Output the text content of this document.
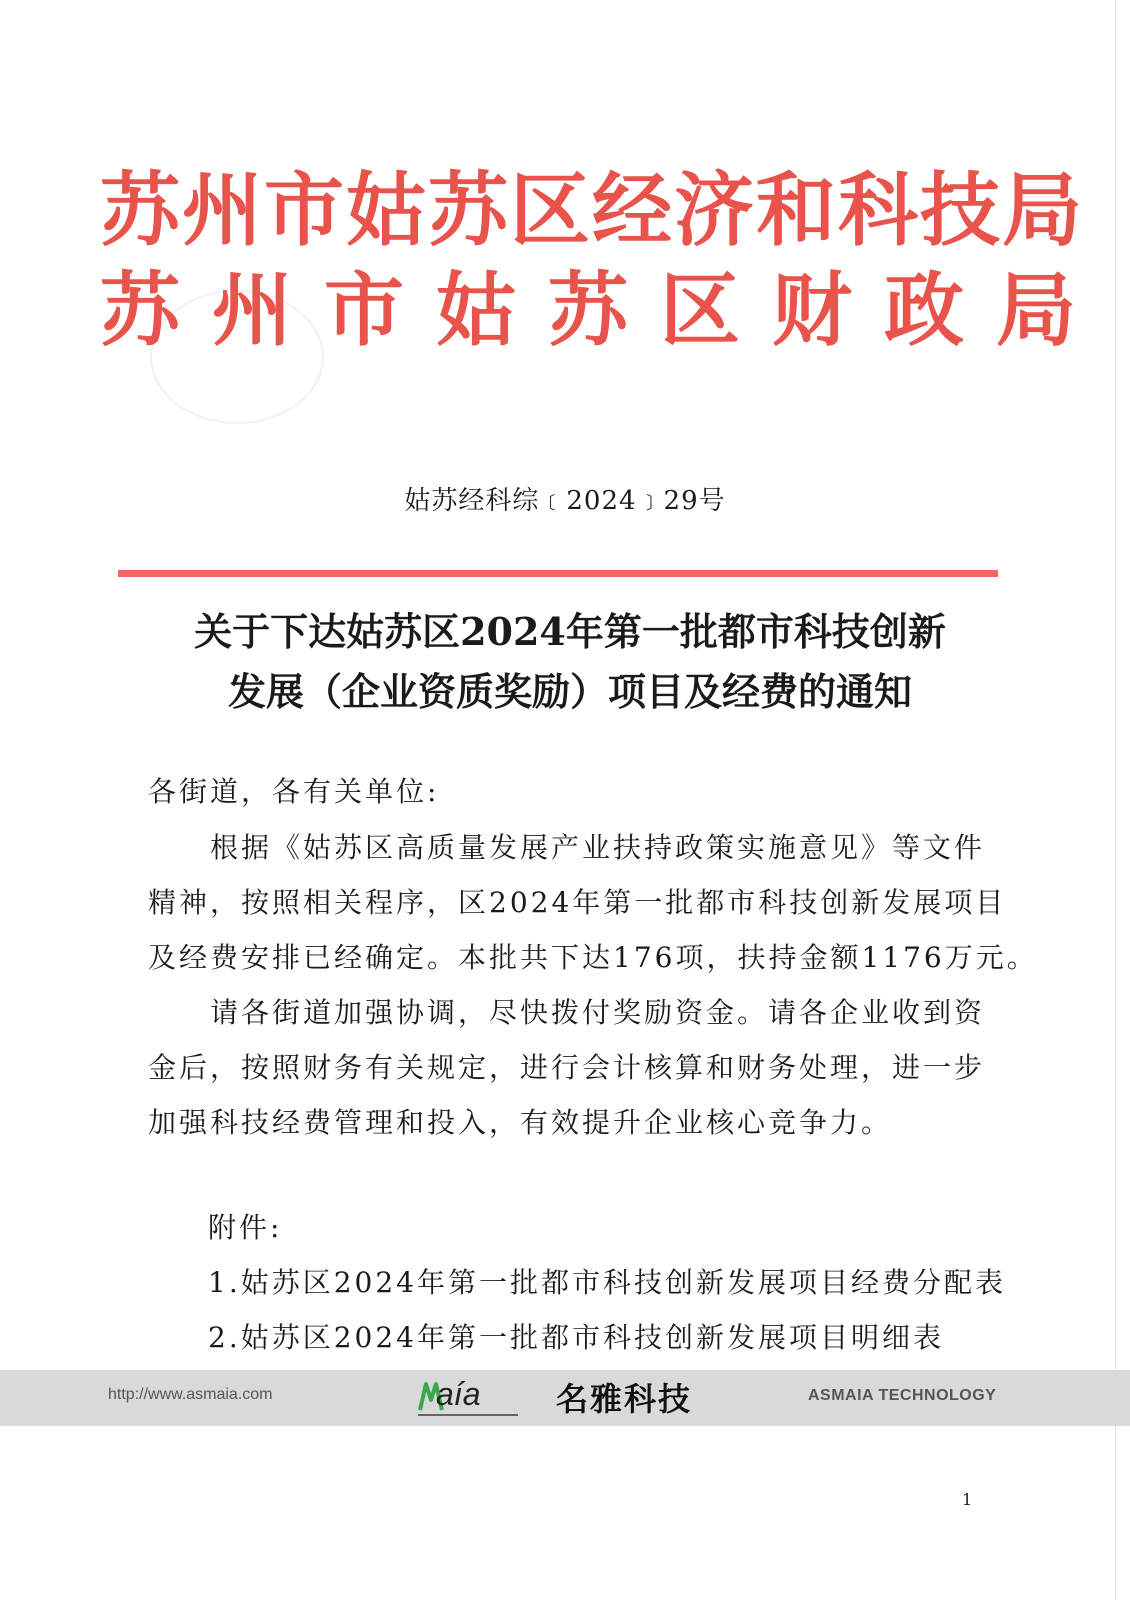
苏州市姑苏区经济和科技局
苏州市姑苏区财政局
姑苏经科综﹝2024﹞29号
关于下达姑苏区2024年第一批都市科技创新
发展（企业资质奖励）项目及经费的通知
各街道，各有关单位:
　　根据《姑苏区高质量发展产业扶持政策实施意见》等文件
精神，按照相关程序，区2024年第一批都市科技创新发展项目
及经费安排已经确定。本批共下达176项，扶持金额1176万元。
　　请各街道加强协调，尽快拨付奖励资金。请各企业收到资
金后，按照财务有关规定，进行会计核算和财务处理，进一步
加强科技经费管理和投入，有效提升企业核心竞争力。
附件:
1.姑苏区2024年第一批都市科技创新发展项目经费分配表
2.姑苏区2024年第一批都市科技创新发展项目明细表
http://www.asmaia.com	aía 名雅科技	ASMAIA TECHNOLOGY
1
